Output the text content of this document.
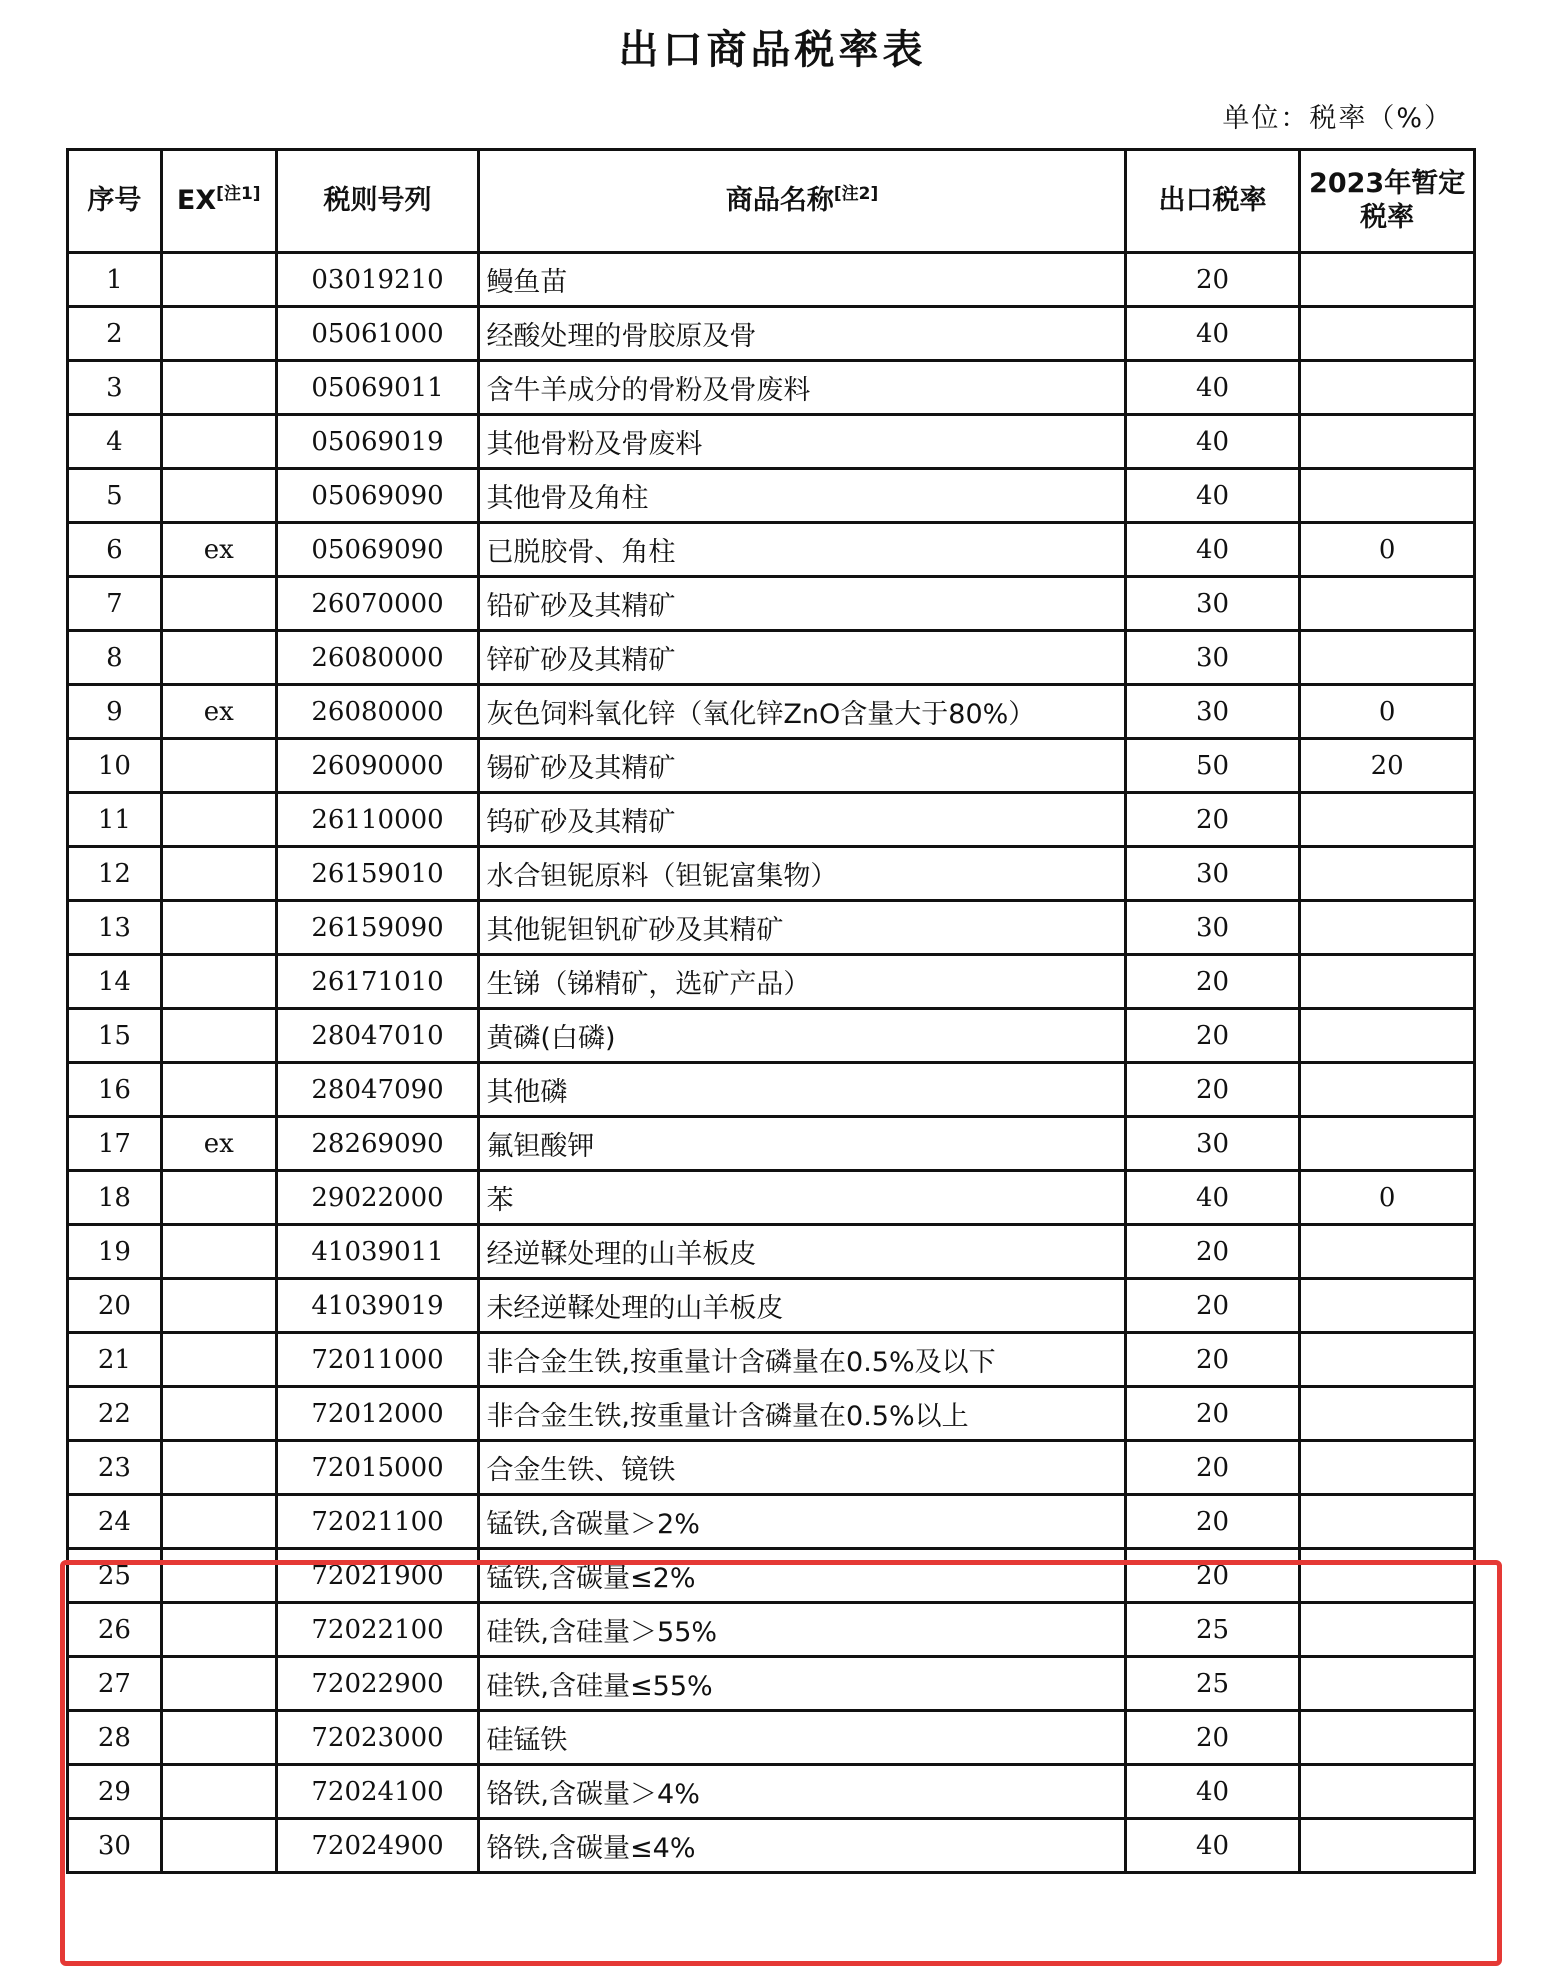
出口商品税率表
单位：税率（%）
序号	EX[注1]	税则号列	商品名称[注2]	出口税率	2023年暂定税率
1		03019210	鳗鱼苗	20	
2		05061000	经酸处理的骨胶原及骨	40	
3		05069011	含牛羊成分的骨粉及骨废料	40	
4		05069019	其他骨粉及骨废料	40	
5		05069090	其他骨及角柱	40	
6	ex	05069090	已脱胶骨、角柱	40	0
7		26070000	铅矿砂及其精矿	30	
8		26080000	锌矿砂及其精矿	30	
9	ex	26080000	灰色饲料氧化锌（氧化锌ZnO含量大于80%）	30	0
10		26090000	锡矿砂及其精矿	50	20
11		26110000	钨矿砂及其精矿	20	
12		26159010	水合钽铌原料（钽铌富集物）	30	
13		26159090	其他铌钽钒矿砂及其精矿	30	
14		26171010	生锑（锑精矿，选矿产品）	20	
15		28047010	黄磷(白磷)	20	
16		28047090	其他磷	20	
17	ex	28269090	氟钽酸钾	30	
18		29022000	苯	40	0
19		41039011	经逆鞣处理的山羊板皮	20	
20		41039019	未经逆鞣处理的山羊板皮	20	
21		72011000	非合金生铁,按重量计含磷量在0.5%及以下	20	
22		72012000	非合金生铁,按重量计含磷量在0.5%以上	20	
23		72015000	合金生铁、镜铁	20	
24		72021100	锰铁,含碳量＞2%	20	
25		72021900	锰铁,含碳量≤2%	20	
26		72022100	硅铁,含硅量＞55%	25	
27		72022900	硅铁,含硅量≤55%	25	
28		72023000	硅锰铁	20	
29		72024100	铬铁,含碳量＞4%	40	
30		72024900	铬铁,含碳量≤4%	40	
